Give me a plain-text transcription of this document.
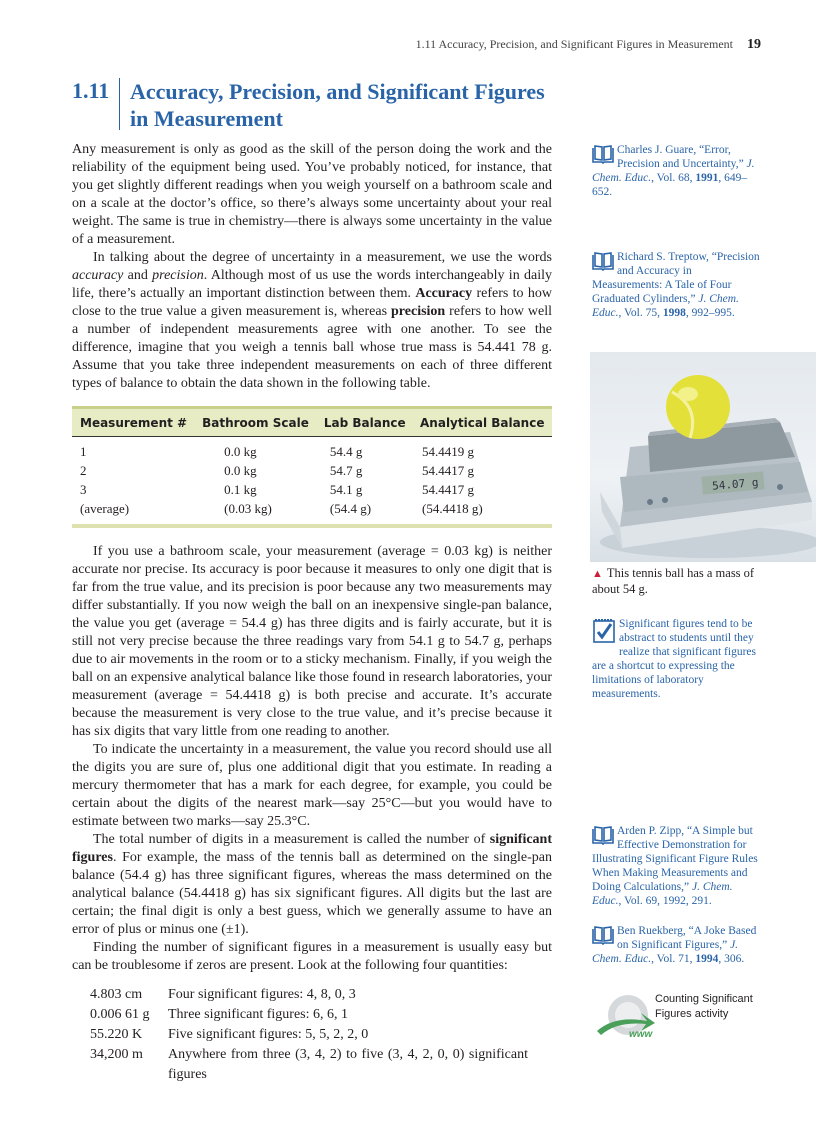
1.11 Accuracy, Precision, and Significant Figures in Measurement 19
1.11 Accuracy, Precision, and Significant Figures
in Measurement

Any measurement is only as good as the skill of the person doing the work and the reliability of the equipment being used. You’ve probably noticed, for instance, that you get slightly different readings when you weigh yourself on a bathroom scale and on a scale at the doctor’s office, so there’s always some uncertainty about your real weight. The same is true in chemistry—there is always some uncertainty in the value of a measurement.

In talking about the degree of uncertainty in a measurement, we use the words accuracy and precision. Although most of us use the words interchangeably in daily life, there’s actually an important distinction between them. Accuracy refers to how close to the true value a given measurement is, whereas precision refers to how well a number of independent measurements agree with one another. To see the difference, imagine that you weigh a tennis ball whose true mass is 54.441 78 g. Assume that you take three independent measurements on each of three different types of balance to obtain the data shown in the following table.

Measurement #	Bathroom Scale	Lab Balance	Analytical Balance
1	0.0 kg	54.4 g	54.4419 g
2	0.0 kg	54.7 g	54.4417 g
3	0.1 kg	54.1 g	54.4417 g
(average)	(0.03 kg)	(54.4 g)	(54.4418 g)

If you use a bathroom scale, your measurement (average = 0.03 kg) is neither accurate nor precise. Its accuracy is poor because it measures to only one digit that is far from the true value, and its precision is poor because any two measurements may differ substantially. If you now weigh the ball on an inexpensive single-pan balance, the value you get (average = 54.4 g) has three digits and is fairly accurate, but it is still not very precise because the three readings vary from 54.1 g to 54.7 g, perhaps due to air movements in the room or to a sticky mechanism. Finally, if you weigh the ball on an expensive analytical balance like those found in research laboratories, your measurement (average = 54.4418 g) is both precise and accurate. It’s accurate because the measurement is very close to the true value, and it’s precise because it has six digits that vary little from one reading to another.

To indicate the uncertainty in a measurement, the value you record should use all the digits you are sure of, plus one additional digit that you estimate. In reading a mercury thermometer that has a mark for each degree, for example, you could be certain about the digits of the nearest mark—say 25°C—but you would have to estimate between two marks—say 25.3°C.

The total number of digits in a measurement is called the number of significant figures. For example, the mass of the tennis ball as determined on the single-pan balance (54.4 g) has three significant figures, whereas the mass determined on the analytical balance (54.4418 g) has six significant figures. All digits but the last are certain; the final digit is only a best guess, which we generally assume to have an error of plus or minus one (±1).

Finding the number of significant figures in a measurement is usually easy but can be troublesome if zeros are present. Look at the following four quantities:

4.803 cm	Four significant figures: 4, 8, 0, 3
0.006 61 g	Three significant figures: 6, 6, 1
55.220 K	Five significant figures: 5, 5, 2, 2, 0
34,200 m	Anywhere from three (3, 4, 2) to five (3, 4, 2, 0, 0) significant figures
Charles J. Guare, “Error, Precision and Uncertainty,” J. Chem. Educ., Vol. 68, 1991, 649–652.
Richard S. Treptow, “Precision and Accuracy in Measurements: A Tale of Four Graduated Cylinders,” J. Chem. Educ., Vol. 75, 1998, 992–995.
54.07 g
▲ This tennis ball has a mass of about 54 g.
Significant figures tend to be abstract to students until they realize that significant figures are a shortcut to expressing the limitations of laboratory measurements.
Arden P. Zipp, “A Simple but Effective Demonstration for Illustrating Significant Figure Rules When Making Measurements and Doing Calculations,” J. Chem. Educ., Vol. 69, 1992, 291.
Ben Ruekberg, “A Joke Based on Significant Figures,” J. Chem. Educ., Vol. 71, 1994, 306.
www
Counting Significant
Figures activity
